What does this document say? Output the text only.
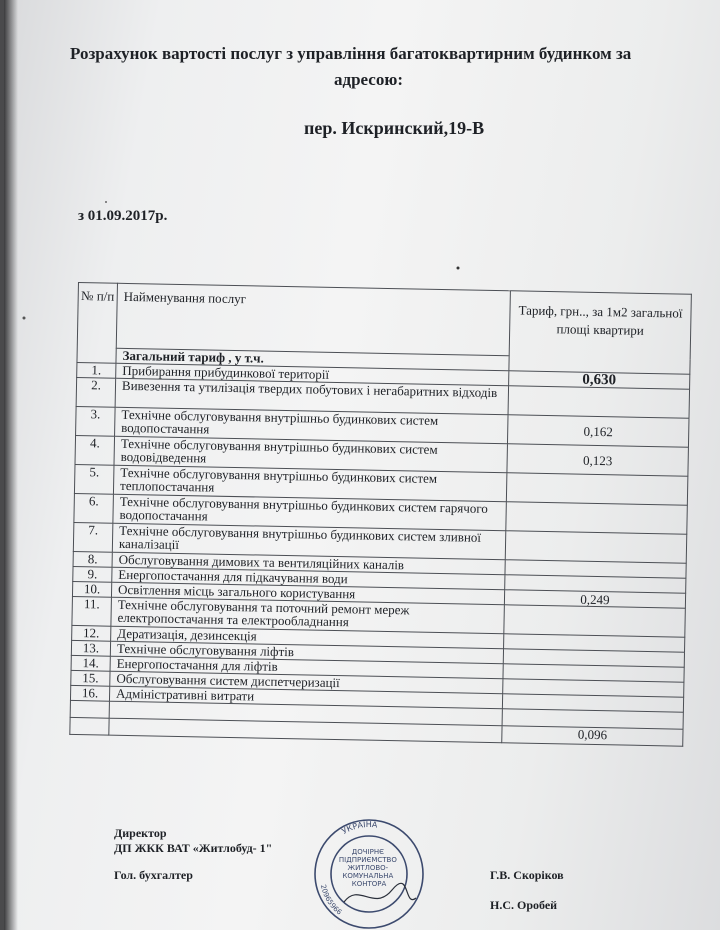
Розрахунок вартості послуг з управління багатоквартирним будинком за
адресою:
пер. Искринский,19-В
з 01.09.2017р.
№ п/п	Найменування послуг	Тариф, грн.., за 1м2 загальної площі квартири
	Загальний тариф , у т.ч.	
1.	Прибирання прибудинкової території	0,630
2.	Вивезення та утилізація твердих побутових і негабаритних відходів	
3.	Технічне обслуговування внутрішньо будинкових систем водопостачання	0,162
4.	Технічне обслуговування внутрішньо будинкових систем водовідведення	0,123
5.	Технічне обслуговування внутрішньо будинкових систем теплопостачання	
6.	Технічне обслуговування внутрішньо будинкових систем гарячого водопостачання	
7.	Технічне обслуговування внутрішньо будинкових систем зливної каналізації	
8.	Обслуговування димових та вентиляційних каналів	
9.	Енергопостачання для підкачування води	
10.	Освітлення місць загального користування	0,249
11.	Технічне обслуговування та поточний ремонт мереж електропостачання та електрообладнання	
12.	Дератизація, дезинсекція	
13.	Технічне обслуговування ліфтів	
14.	Енергопостачання для ліфтів	
15.	Обслуговування систем диспетчеризації	
16.	Адміністративні витрати	

		0,096
Директор
ДП ЖКК ВАТ «Житлобуд- 1"
Гол. бухгалтер	Г.В. Скоріков
Н.С. Оробей
УКРАЇНА
ДОЧІРНЄ ПІДПРИЄМСТВО ЖИТЛОВО- КОМУНАЛЬНА КОНТОРА
20965966
